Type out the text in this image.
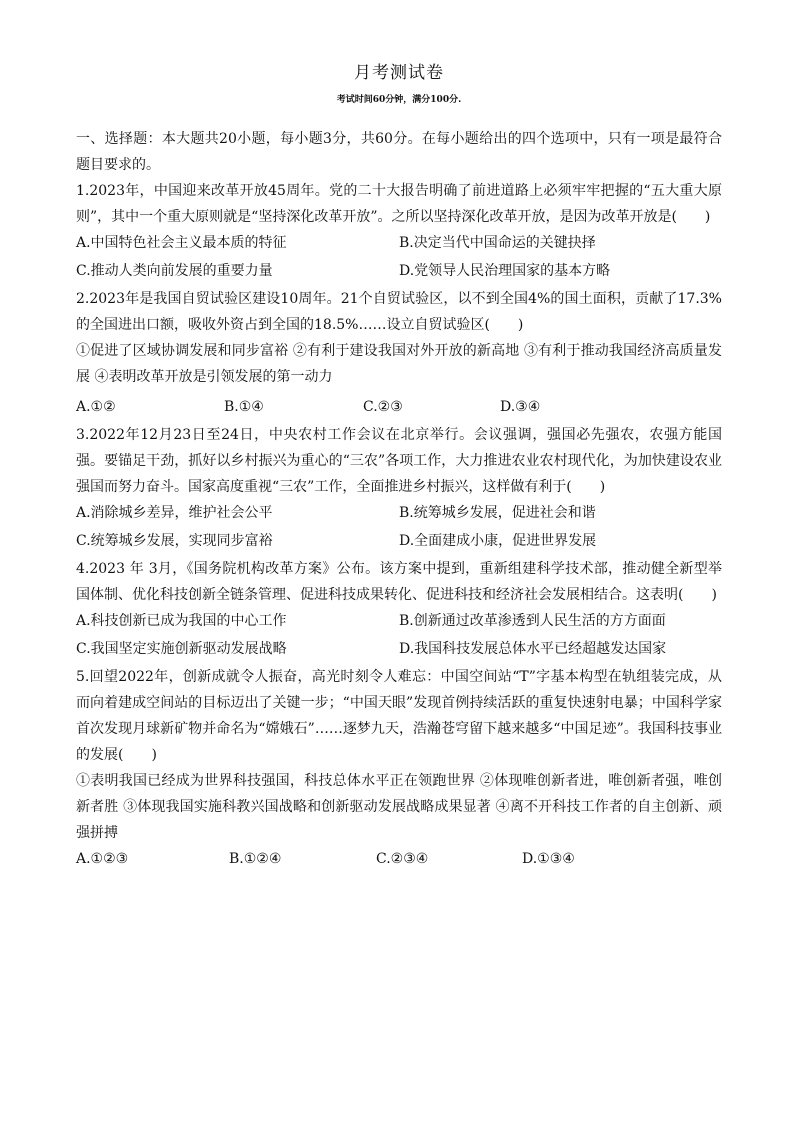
月考测试卷
考试时间60分钟，满分100分.

一、选择题：本大题共20小题，每小题3分，共60分。在每小题给出的四个选项中，只有一项是最符合题目要求的。

1.2023年，中国迎来改革开放45周年。党的二十大报告明确了前进道路上必须牢牢把握的“五大重大原则”，其中一个重大原则就是“坚持深化改革开放”。之所以坚持深化改革开放，是因为改革开放是(　　)

A.中国特色社会主义最本质的特征	B.决定当代中国命运的关键抉择
C.推动人类向前发展的重要力量	D.党领导人民治理国家的基本方略

2.2023年是我国自贸试验区建设10周年。21个自贸试验区，以不到全国4%的国土面积，贡献了17.3%的全国进出口额，吸收外资占到全国的18.5%……设立自贸试验区(　　)

①促进了区域协调发展和同步富裕 ②有利于建设我国对外开放的新高地 ③有利于推动我国经济高质量发展 ④表明改革开放是引领发展的第一动力

A.①②	B.①④	C.②③	D.③④

3.2022年12月23日至24日，中央农村工作会议在北京举行。会议强调，强国必先强农，农强方能国强。要锚足干劲，抓好以乡村振兴为重心的“三农”各项工作，大力推进农业农村现代化，为加快建设农业强国而努力奋斗。国家高度重视“三农”工作，全面推进乡村振兴，这样做有利于(　　)

A.消除城乡差异，维护社会公平	B.统筹城乡发展，促进社会和谐
C.统筹城乡发展，实现同步富裕	D.全面建成小康，促进世界发展

4.2023 年 3月，《国务院机构改革方案》公布。该方案中提到，重新组建科学技术部，推动健全新型举国体制、优化科技创新全链条管理、促进科技成果转化、促进科技和经济社会发展相结合。这表明(　　)

A.科技创新已成为我国的中心工作	B.创新通过改革渗透到人民生活的方方面面
C.我国坚定实施创新驱动发展战略	D.我国科技发展总体水平已经超越发达国家

5.回望2022年，创新成就令人振奋，高光时刻令人难忘：中国空间站“T”字基本构型在轨组装完成，从而向着建成空间站的目标迈出了关键一步；“中国天眼”发现首例持续活跃的重复快速射电暴；中国科学家首次发现月球新矿物并命名为“嫦娥石”……逐梦九天，浩瀚苍穹留下越来越多“中国足迹”。我国科技事业的发展(　　)

①表明我国已经成为世界科技强国，科技总体水平正在领跑世界 ②体现唯创新者进，唯创新者强，唯创新者胜 ③体现我国实施科教兴国战略和创新驱动发展战略成果显著 ④离不开科技工作者的自主创新、顽强拼搏

A.①②③	B.①②④	C.②③④	D.①③④
